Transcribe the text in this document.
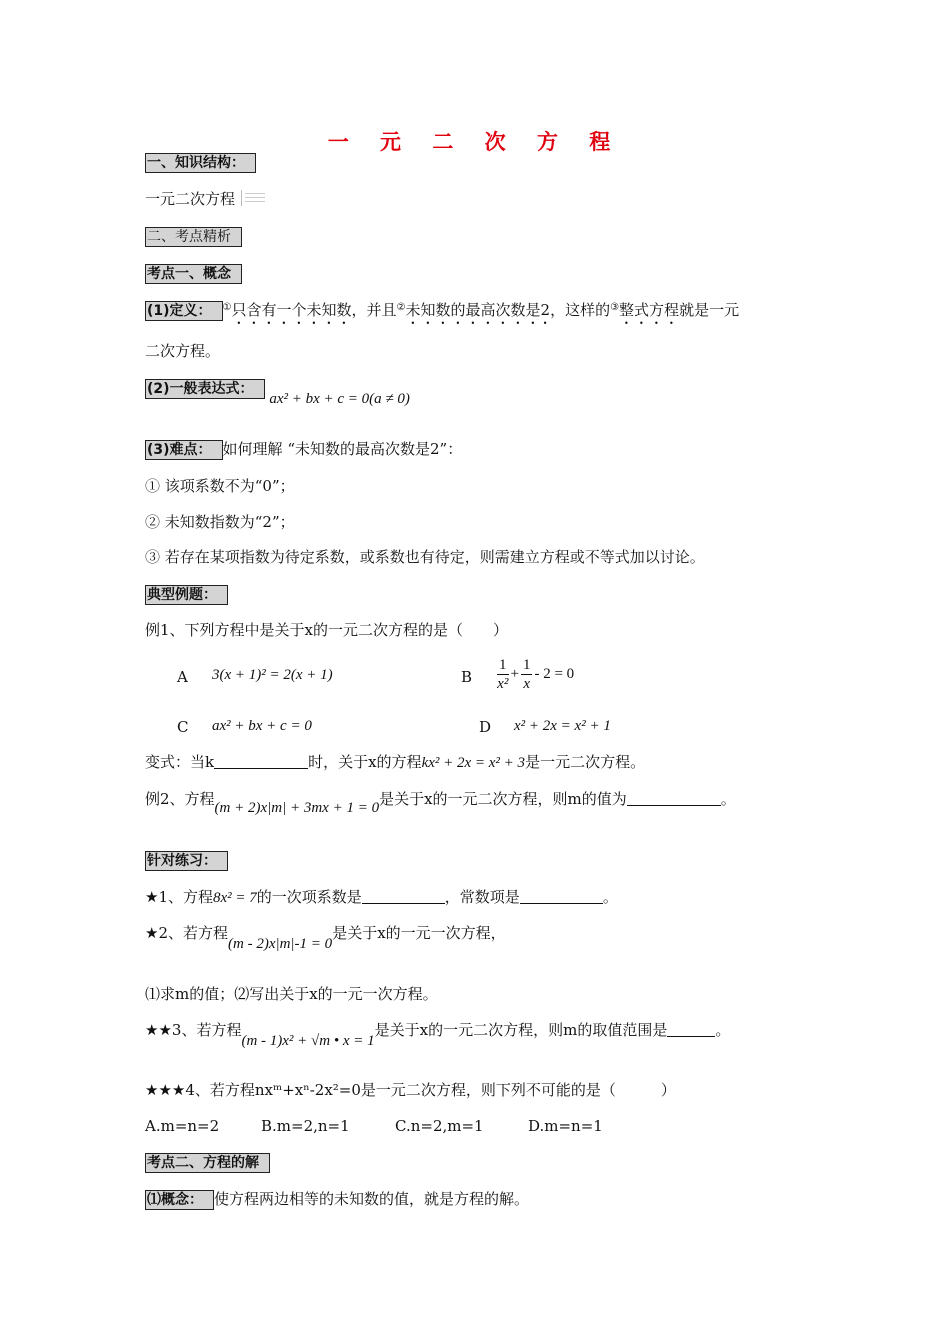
一 元 二 次 方 程
一、知识结构：
一元二次方程
二、考点精析
考点一、概念
(1)定义： ①只含有一个未知数，并且②未知数的最高次数是2，这样的③整式方程就是一元
二次方程。
(2)一般表达式： ax² + bx + c = 0(a ≠ 0)
(3)难点： 如何理解 “未知数的最高次数是2”：
① 该项系数不为“0”；
② 未知数指数为“2”；
③ 若存在某项指数为待定系数，或系数也有待定，则需建立方程或不等式加以讨论。
典型例题：
例1、下列方程中是关于x的一元二次方程的是（　　）
A 3(x + 1)² = 2(x + 1)	B $\frac{1}{\text{x²}} + \frac{1}{x} - 2 = 0$
C ax² + bx + c = 0	D x² + 2x = x² + 1
变式：当k	时，关于x的方程kx² + 2x = x² + 3是一元二次方程。
例2、方程(m + 2)x|m| + 3mx + 1 = 0是关于x的一元二次方程，则m的值为	。
针对练习：
★1、方程8x² = 7的一次项系数是	，常数项是	。
★2、若方程(m - 2)x|m|-1 = 0是关于x的一元一次方程，
⑴求m的值；⑵写出关于x的一元一次方程。
★★3、若方程(m - 1)x² + √m • x = 1是关于x的一元二次方程，则m的取值范围是	。
★★★4、若方程nxᵐ+xⁿ-2x²=0是一元二次方程，则下列不可能的是（　　　）
A.m=n=2	B.m=2,n=1	C.n=2,m=1	D.m=n=1
考点二、方程的解
⑴概念： 使方程两边相等的未知数的值，就是方程的解。
